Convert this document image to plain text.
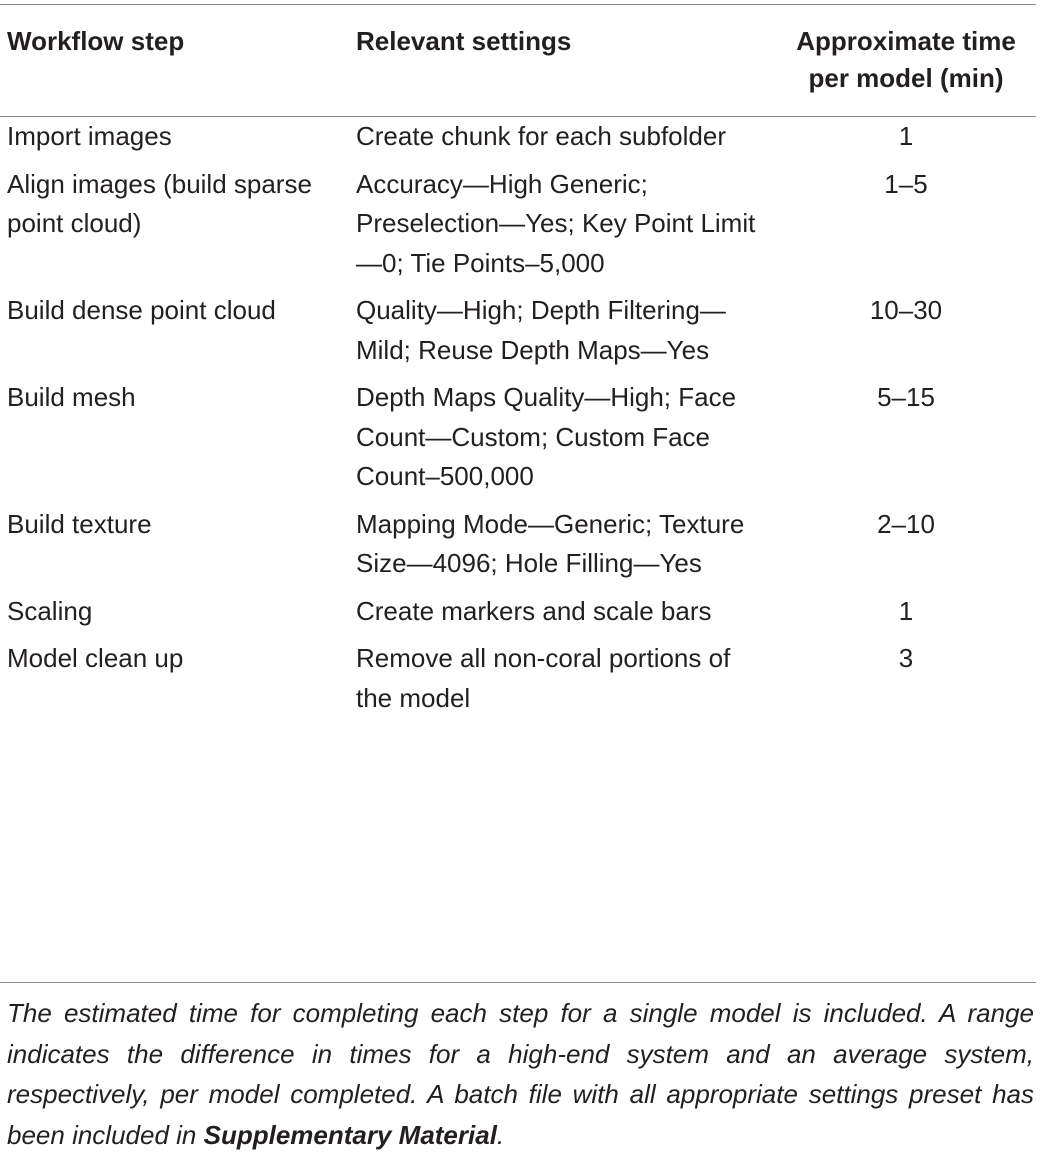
Workflow step	Relevant settings	Approximate time per model (min)

Import images	Create chunk for each subfolder	1
Align images (build sparse point cloud)	Accuracy—High Generic; Preselection—Yes; Key Point Limit—0; Tie Points–5,000	1–5
Build dense point cloud	Quality—High; Depth Filtering—Mild; Reuse Depth Maps—Yes	10–30
Build mesh	Depth Maps Quality—High; Face Count—Custom; Custom Face Count–500,000	5–15
Build texture	Mapping Mode—Generic; Texture Size—4096; Hole Filling—Yes	2–10
Scaling	Create markers and scale bars	1
Model clean up	Remove all non-coral portions of the model	3
The estimated time for completing each step for a single model is included. A range indicates the difference in times for a high-end system and an average system, respectively, per model completed. A batch file with all appropriate settings preset has been included in Supplementary Material.
